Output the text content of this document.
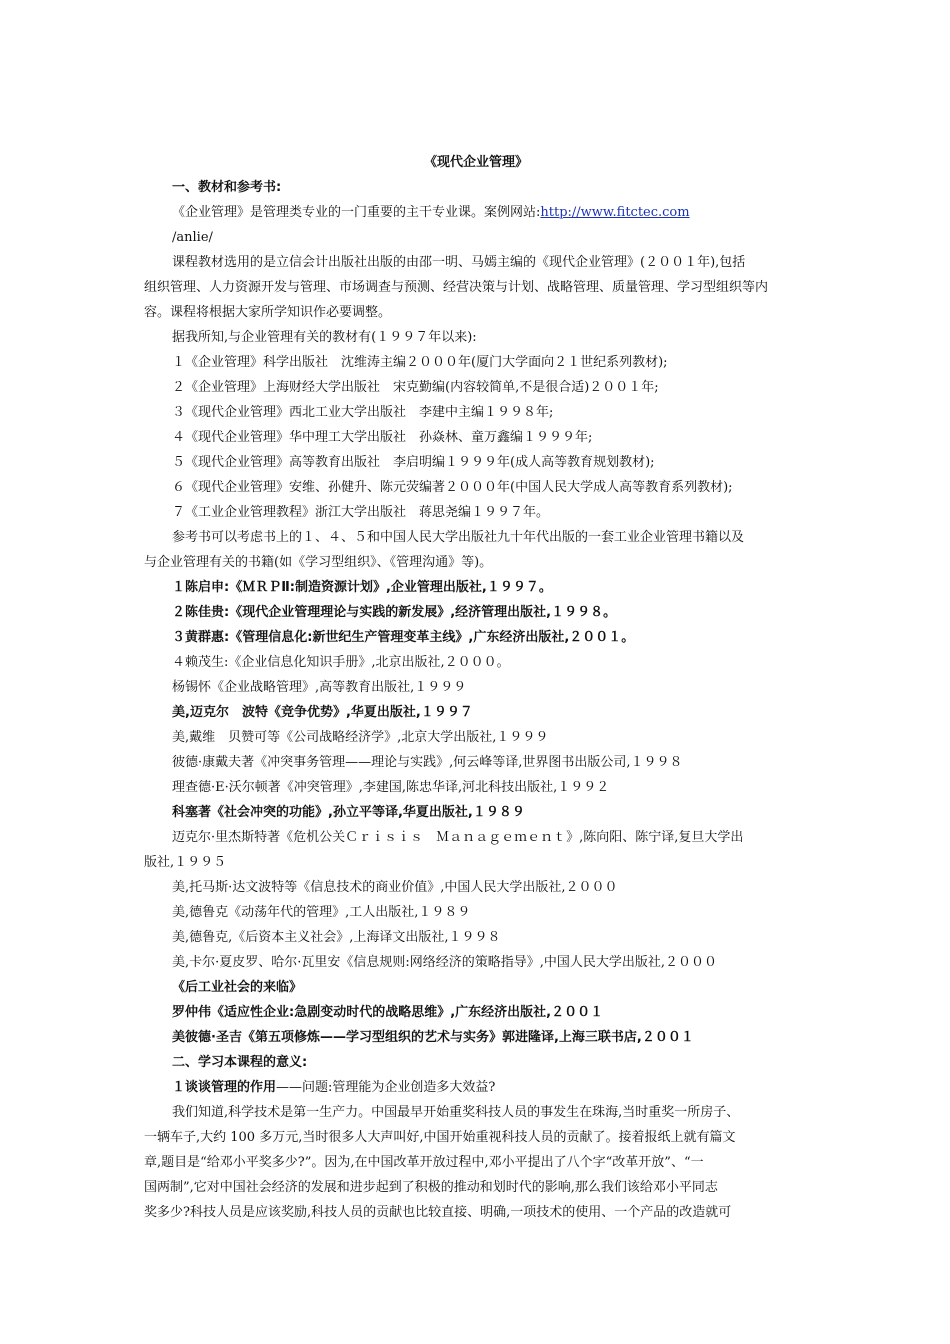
《现代企业管理》
一、教材和参考书:
《企业管理》是管理类专业的一门重要的主干专业课。案例网站:http://www.fitctec.com
/anlie/
课程教材选用的是立信会计出版社出版的由邵一明、马嫣主编的《现代企业管理》(２００１年),包括
组织管理、人力资源开发与管理、市场调查与预测、经营决策与计划、战略管理、质量管理、学习型组织等内
容。课程将根据大家所学知识作必要调整。
据我所知,与企业管理有关的教材有(１９９７年以来):
１《企业管理》科学出版社　沈维涛主编２０００年(厦门大学面向２１世纪系列教材);
２《企业管理》上海财经大学出版社　宋克勤编(内容较简单,不是很合适)２００１年;
３《现代企业管理》西北工业大学出版社　李建中主编１９９８年;
４《现代企业管理》华中理工大学出版社　孙焱林、童万鑫编１９９９年;
５《现代企业管理》高等教育出版社　李启明编１９９９年(成人高等教育规划教材);
６《现代企业管理》安维、孙健升、陈元荧编著２０００年(中国人民大学成人高等教育系列教材);
７《工业企业管理教程》浙江大学出版社　蒋思尧编１９９７年。
参考书可以考虑书上的１、４、５和中国人民大学出版社九十年代出版的一套工业企业管理书籍以及
与企业管理有关的书籍(如《学习型组织》、《管理沟通》等)。
１陈启申:《ＭＲＰⅡ:制造资源计划》,企业管理出版社,１９９７。
２陈佳贵:《现代企业管理理论与实践的新发展》,经济管理出版社,１９９８。
３黄群惠:《管理信息化:新世纪生产管理变革主线》,广东经济出版社,２００１。
４赖茂生:《企业信息化知识手册》,北京出版社,２０００。
杨锡怀《企业战略管理》,高等教育出版社,１９９９
美,迈克尔　波特《竞争优势》,华夏出版社,１９９７
美,戴维　贝赞可等《公司战略经济学》,北京大学出版社,１９９９
彼德·康戴夫著《冲突事务管理——理论与实践》,何云峰等译,世界图书出版公司,１９９８
理查德·E·沃尔顿著《冲突管理》,李建国,陈忠华译,河北科技出版社,１９９２
科塞著《社会冲突的功能》,孙立平等译,华夏出版社,１９８９
迈克尔·里杰斯特著《危机公关Ｃｒｉｓｉｓ　Ｍａｎａｇｅｍｅｎｔ》,陈向阳、陈宁译,复旦大学出
版社,１９９５
美,托马斯·达文波特等《信息技术的商业价值》,中国人民大学出版社,２０００
美,德鲁克《动荡年代的管理》,工人出版社,１９８９
美,德鲁克,《后资本主义社会》,上海译文出版社,１９９８
美,卡尔·夏皮罗、哈尔·瓦里安《信息规则:网络经济的策略指导》,中国人民大学出版社,２０００
《后工业社会的来临》
罗仲伟《适应性企业:急剧变动时代的战略思维》,广东经济出版社,２００１
美彼德·圣吉《第五项修炼——学习型组织的艺术与实务》郭进隆译,上海三联书店,２００１
二、学习本课程的意义:
１谈谈管理的作用——问题:管理能为企业创造多大效益?
我们知道,科学技术是第一生产力。中国最早开始重奖科技人员的事发生在珠海,当时重奖一所房子、
一辆车子,大约 100 多万元,当时很多人大声叫好,中国开始重视科技人员的贡献了。接着报纸上就有篇文
章,题目是“给邓小平奖多少?”。因为,在中国改革开放过程中,邓小平提出了八个字“改革开放”、“一
国两制”,它对中国社会经济的发展和进步起到了积极的推动和划时代的影响,那么我们该给邓小平同志
奖多少?科技人员是应该奖励,科技人员的贡献也比较直接、明确,一项技术的使用、一个产品的改造就可
